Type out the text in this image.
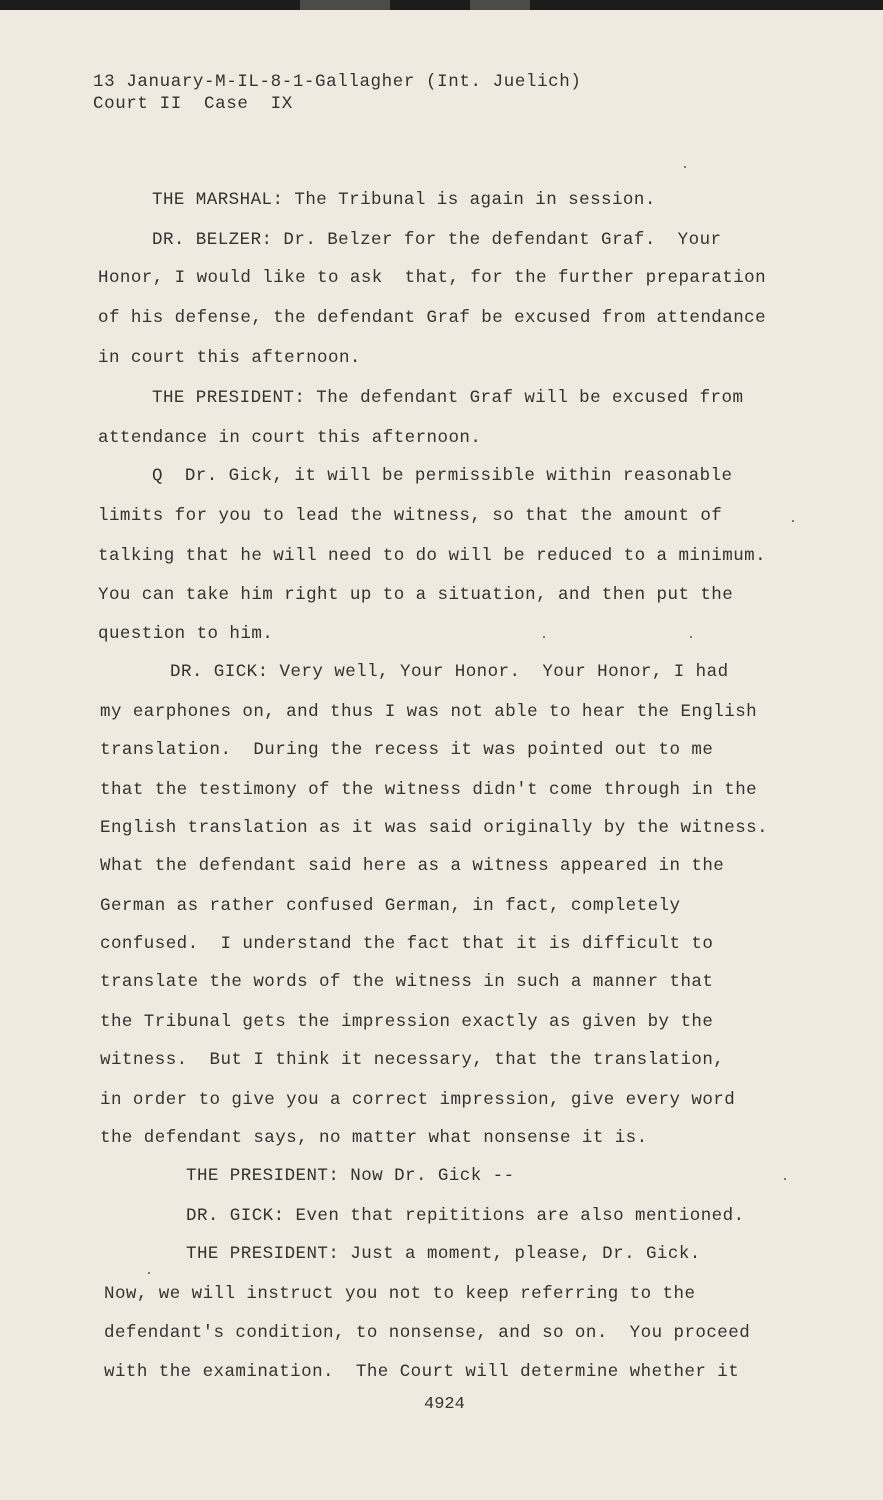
13 January-M-IL-8-1-Gallagher (Int. Juelich)
Court II  Case  IX
THE MARSHAL: The Tribunal is again in session.
DR. BELZER: Dr. Belzer for the defendant Graf.  Your
Honor, I would like to ask  that, for the further preparation
of his defense, the defendant Graf be excused from attendance
in court this afternoon.
THE PRESIDENT: The defendant Graf will be excused from
attendance in court this afternoon.
Q  Dr. Gick, it will be permissible within reasonable
limits for you to lead the witness, so that the amount of
talking that he will need to do will be reduced to a minimum.
You can take him right up to a situation, and then put the
question to him.
DR. GICK: Very well, Your Honor.  Your Honor, I had
my earphones on, and thus I was not able to hear the English
translation.  During the recess it was pointed out to me
that the testimony of the witness didn't come through in the
English translation as it was said originally by the witness.
What the defendant said here as a witness appeared in the
German as rather confused German, in fact, completely
confused.  I understand the fact that it is difficult to
translate the words of the witness in such a manner that
the Tribunal gets the impression exactly as given by the
witness.  But I think it necessary, that the translation,
in order to give you a correct impression, give every word
the defendant says, no matter what nonsense it is.
THE PRESIDENT: Now Dr. Gick --
DR. GICK: Even that repititions are also mentioned.
THE PRESIDENT: Just a moment, please, Dr. Gick.
Now, we will instruct you not to keep referring to the
defendant's condition, to nonsense, and so on.  You proceed
with the examination.  The Court will determine whether it
4924
